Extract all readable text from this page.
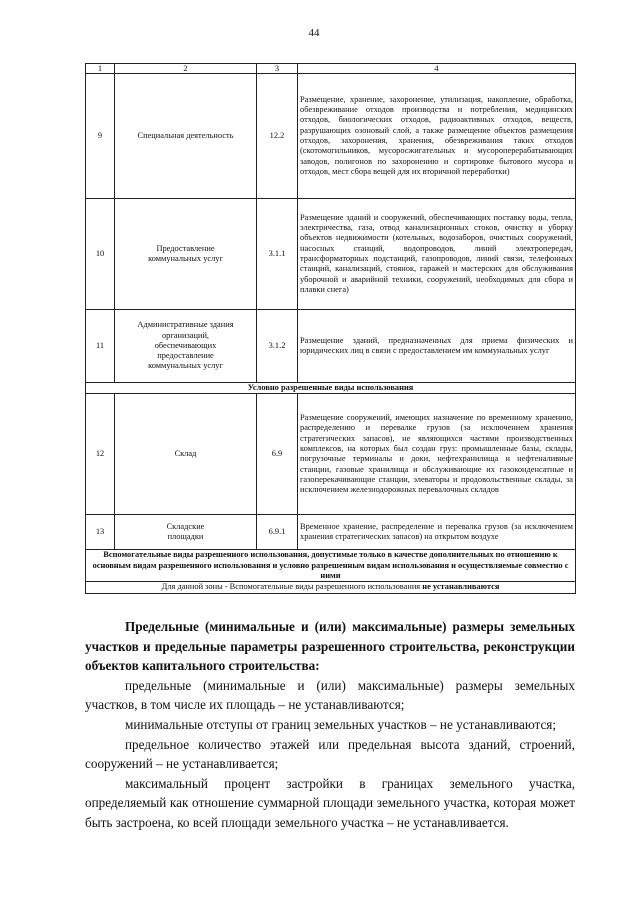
44
1	2	3	4
9	Специальная деятельность	12.2	Размещение, хранение, захоронение, утилизация, накопление, обработка, обезвреживание отходов производства и потребления, медицинских отходов, биологических отходов, радиоактивных отходов, веществ, разрушающих озоновый слой, а также размещение объектов размещения отходов, захоронения, хранения, обезвреживания таких отходов (скотомогильников, мусоросжигательных и мусороперерабатывающих заводов, полигонов по захоронению и сортировке бытового мусора и отходов, мест сбора вещей для их вторичной переработки)
10	Предоставление коммунальных услуг	3.1.1	Размещение зданий и сооружений, обеспечивающих поставку воды, тепла, электричества, газа, отвод канализационных стоков, очистку и уборку объектов недвижимости (котельных, водозаборов, очистных сооружений, насосных станций, водопроводов, линий электропередач, трансформаторных подстанций, газопроводов, линий связи, телефонных станций, канализаций, стоянок, гаражей и мастерских для обслуживания уборочной и аварийной техники, сооружений, необходимых для сбора и плавки снега)
11	Административные здания организаций, обеспечивающих предоставление коммунальных услуг	3.1.2	Размещение зданий, предназначенных для приема физических и юридических лиц в связи с предоставлением им коммунальных услуг
Условно разрешенные виды использования			
12	Склад	6.9	Размещение сооружений, имеющих назначение по временному хранению, распределению и перевалке грузов (за исключением хранения стратегических запасов), не являющихся частями производственных комплексов, на которых был создан груз: промышленные базы, склады, погрузочные терминалы и доки, нефтехранилища и нефтеналивные станции, газовые хранилища и обслуживающие их газоконденсатные и газоперекачивающие станции, элеваторы и продовольственные склады, за исключением железнодорожных перевалочных складов
13	Складские площадки	6.9.1	Временное хранение, распределение и перевалка грузов (за исключением хранения стратегических запасов) на открытом воздухе
Вспомогательные виды разрешенного использования, допустимые только в качестве дополнительных по отношению к основным видам разрешенного использования и условно разрешенным видам использования и осуществляемые совместно с ними			
Для данной зоны - Вспомогательные виды разрешенного использования не устанавливаются			

Предельные (минимальные и (или) максимальные) размеры земельных участков и предельные параметры разрешенного строительства, реконструкции объектов капитального строительства:

предельные (минимальные и (или) максимальные) размеры земельных участков, в том числе их площадь – не устанавливаются;

минимальные отступы от границ земельных участков – не устанавливаются;

предельное количество этажей или предельная высота зданий, строений, сооружений – не устанавливается;

максимальный процент застройки в границах земельного участка, определяемый как отношение суммарной площади земельного участка, которая может быть застроена, ко всей площади земельного участка – не устанавливается.
